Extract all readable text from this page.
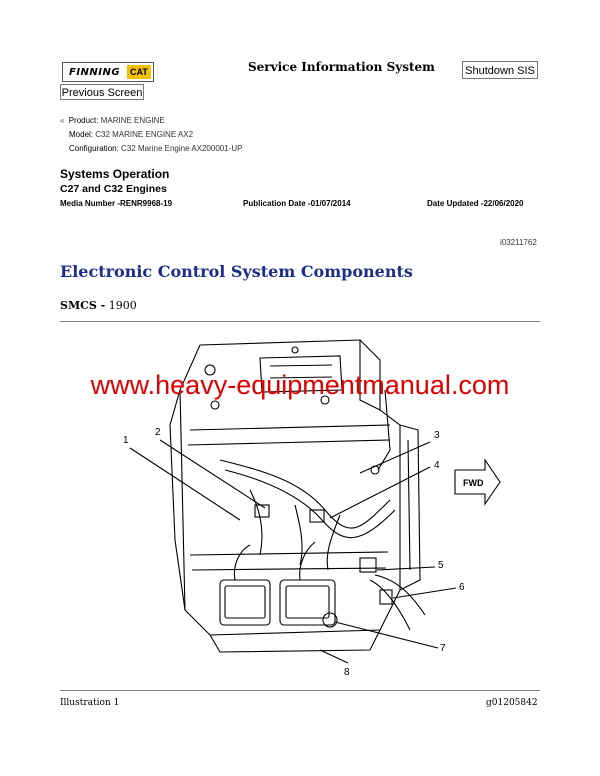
FINNING	CAT	Service Information System	Shutdown SIS
Previous Screen
« Product: MARINE ENGINE
Model: C32 MARINE ENGINE AX2
Configuration: C32 Marine Engine AX200001-UP
Systems Operation
C27 and C32 Engines
Media Number -RENR9968-19	Publication Date -01/07/2014	Date Updated -22/06/2020
i03211762
Electronic Control System Components
SMCS - 1900
1
2	3
4
5
6
7
8
FWD
www.heavy-equipmentmanual.com
Illustration 1	g01205842
